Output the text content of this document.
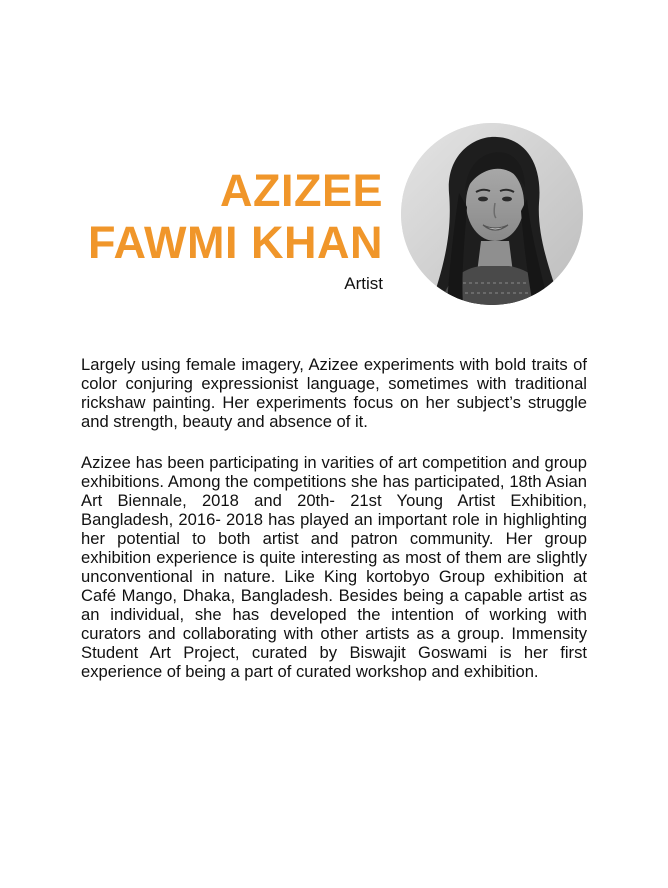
AZIZEE
FAWMI KHAN
Artist

Largely using female imagery, Azizee experiments with bold traits of color conjuring expressionist language, sometimes with traditional rickshaw painting. Her experiments focus on her subject’s struggle and strength, beauty and absence of it.

Azizee has been participating in varities of art competition and group exhibitions. Among the competitions she has participated, 18th Asian Art Biennale, 2018 and 20th- 21st Young Artist Exhibition, Bangladesh, 2016- 2018 has played an important role in highlighting her potential to both artist and patron community. Her group exhibition experience is quite interesting as most of them are slightly unconventional in nature. Like King kortobyo Group exhibition at Café Mango, Dhaka, Bangladesh. Besides being a capable artist as an individual, she has developed the intention of working with curators and collaborating with other artists as a group. Immensity Student Art Project, curated by Biswajit Goswami is her first experience of being a part of curated workshop and exhibition.
